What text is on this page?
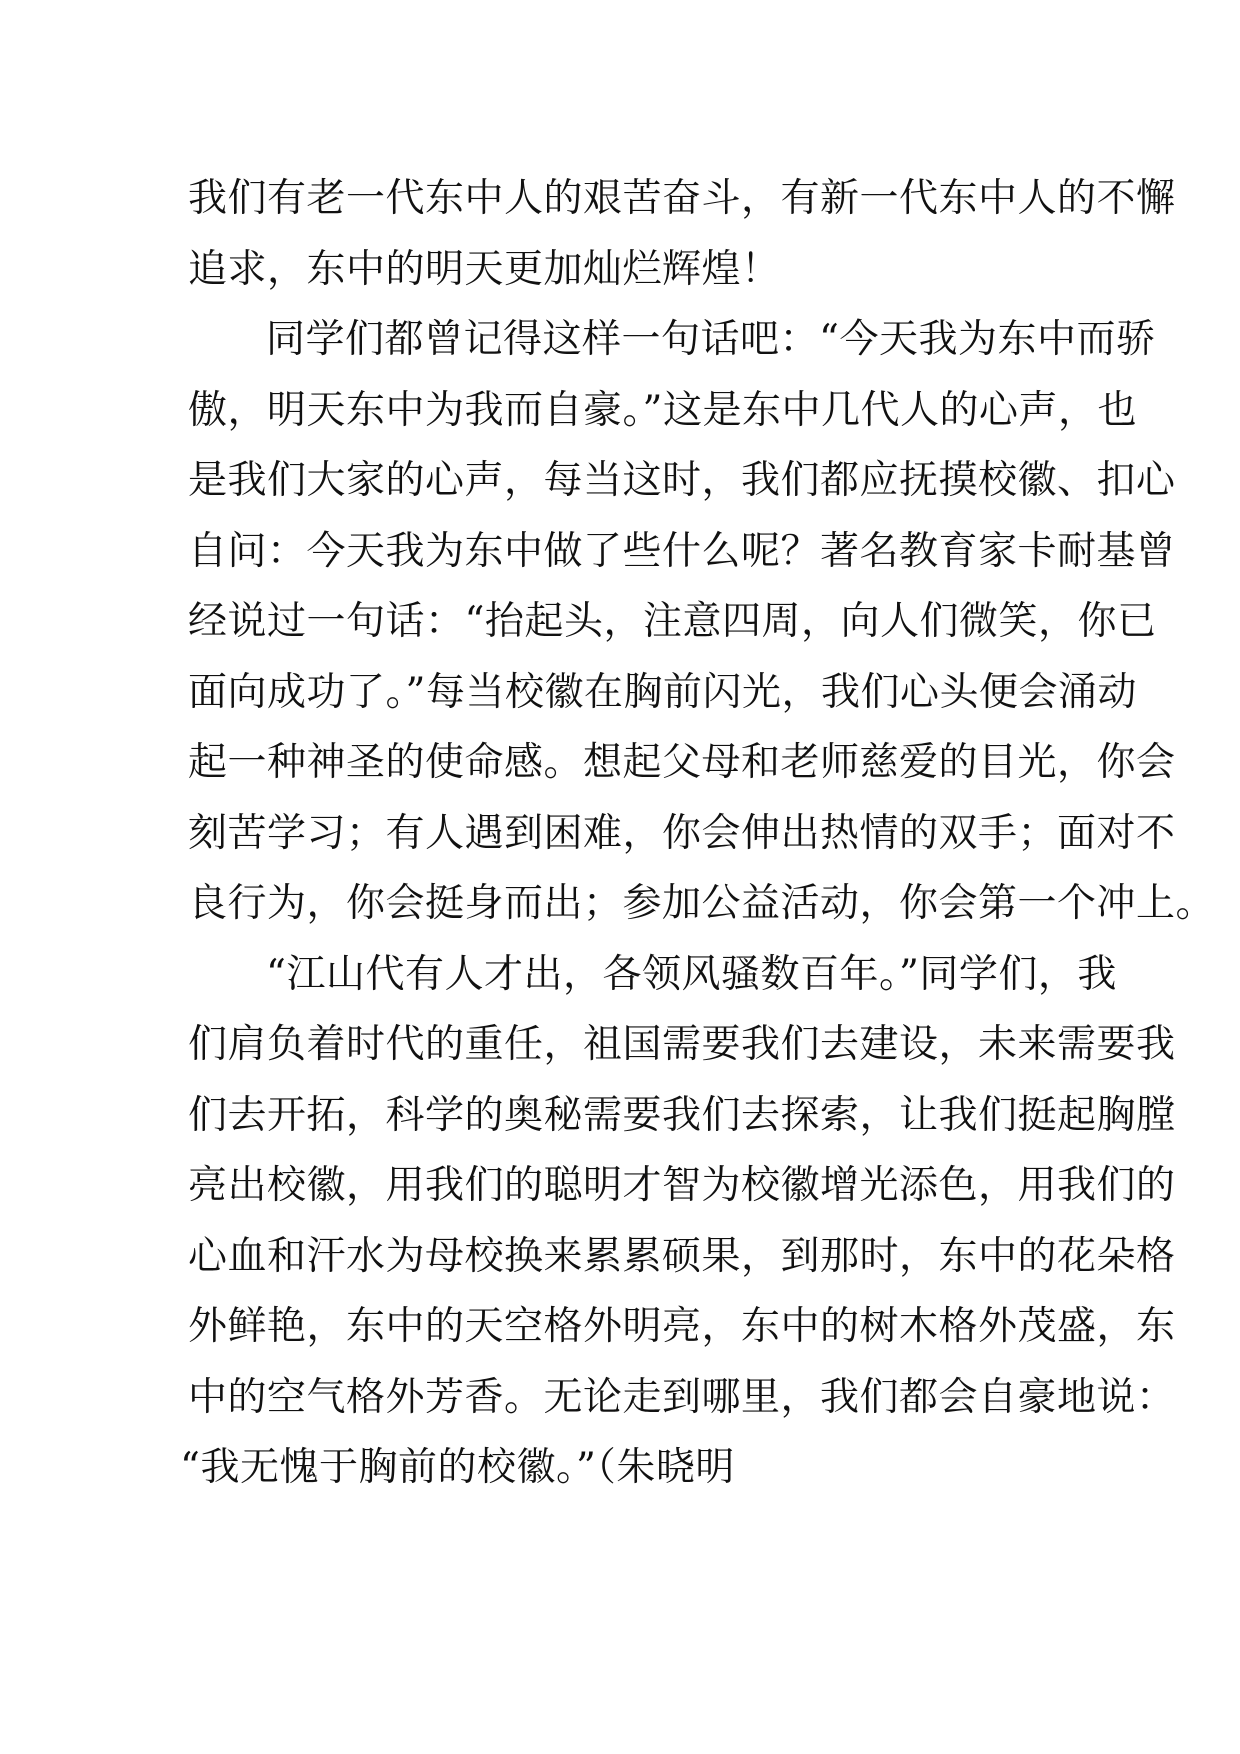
我们有老一代东中人的艰苦奋斗，有新一代东中人的不懈
追求，东中的明天更加灿烂辉煌！
同学们都曾记得这样一句话吧：“今天我为东中而骄
傲，明天东中为我而自豪。”这是东中几代人的心声，也
是我们大家的心声，每当这时，我们都应抚摸校徽、扣心
自问：今天我为东中做了些什么呢？著名教育家卡耐基曾
经说过一句话：“抬起头，注意四周，向人们微笑，你已
面向成功了。”每当校徽在胸前闪光，我们心头便会涌动
起一种神圣的使命感。想起父母和老师慈爱的目光，你会
刻苦学习；有人遇到困难，你会伸出热情的双手；面对不
良行为，你会挺身而出；参加公益活动，你会第一个冲上。
“江山代有人才出，各领风骚数百年。”同学们，我
们肩负着时代的重任，祖国需要我们去建设，未来需要我
们去开拓，科学的奥秘需要我们去探索，让我们挺起胸膛
亮出校徽，用我们的聪明才智为校徽增光添色，用我们的
心血和汗水为母校换来累累硕果，到那时，东中的花朵格
外鲜艳，东中的天空格外明亮，东中的树木格外茂盛，东
中的空气格外芳香。无论走到哪里，我们都会自豪地说：
“我无愧于胸前的校徽。”（朱晓明
